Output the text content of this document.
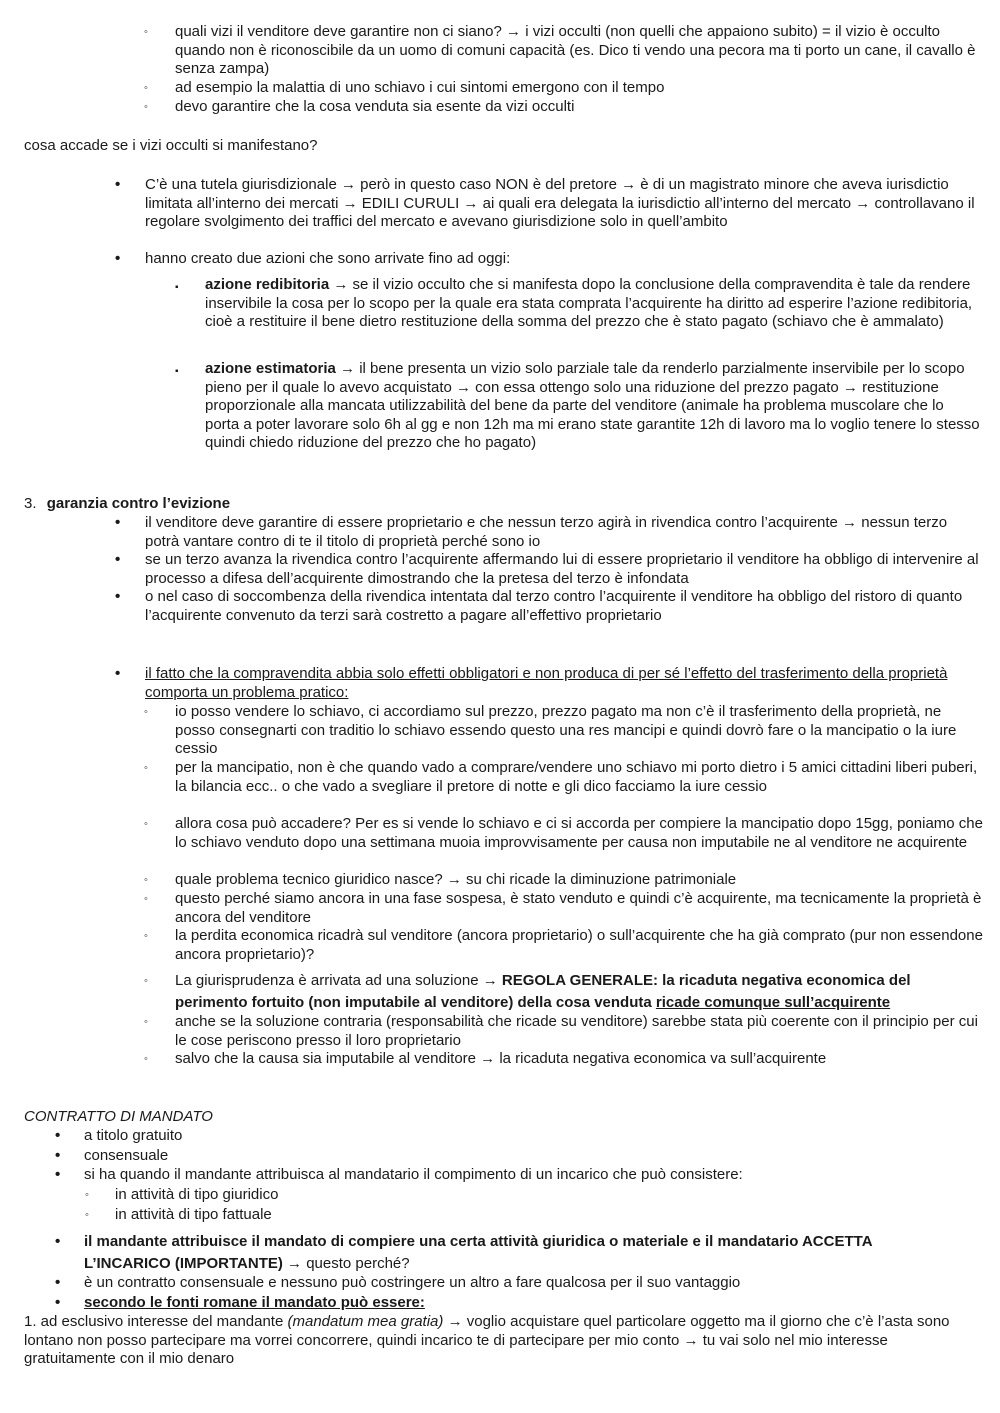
◦ quali vizi il venditore deve garantire non ci siano? → i vizi occulti (non quelli che appaiono subito) = il vizio è occulto quando non è riconoscibile da un uomo di comuni capacità (es. Dico ti vendo una pecora ma ti porto un cane, il cavallo è senza zampa)
◦ ad esempio la malattia di uno schiavo i cui sintomi emergono con il tempo
◦ devo garantire che la cosa venduta sia esente da vizi occulti
cosa accade se i vizi occulti si manifestano?
• C’è una tutela giurisdizionale → però in questo caso NON è del pretore → è di un magistrato minore che aveva iurisdictio limitata all’interno dei mercati → EDILI CURULI → ai quali era delegata la iurisdictio all’interno del mercato → controllavano il regolare svolgimento dei traffici del mercato e avevano giurisdizione solo in quell’ambito
• hanno creato due azioni che sono arrivate fino ad oggi:
▪ azione redibitoria → se il vizio occulto che si manifesta dopo la conclusione della compravendita è tale da rendere inservibile la cosa per lo scopo per la quale era stata comprata l’acquirente ha diritto ad esperire l’azione redibitoria, cioè a restituire il bene dietro restituzione della somma del prezzo che è stato pagato (schiavo che è ammalato)
▪ azione estimatoria → il bene presenta un vizio solo parziale tale da renderlo parzialmente inservibile per lo scopo pieno per il quale lo avevo acquistato → con essa ottengo solo una riduzione del prezzo pagato → restituzione proporzionale alla mancata utilizzabilità del bene da parte del venditore (animale ha problema muscolare che lo porta a poter lavorare solo 6h al gg e non 12h ma mi erano state garantite 12h di lavoro ma lo voglio tenere lo stesso quindi chiedo riduzione del prezzo che ho pagato)
3. garanzia contro l’evizione
• il venditore deve garantire di essere proprietario e che nessun terzo agirà in rivendica contro l’acquirente → nessun terzo potrà vantare contro di te il titolo di proprietà perché sono io
• se un terzo avanza la rivendica contro l’acquirente affermando lui di essere proprietario il venditore ha obbligo di intervenire al processo a difesa dell’acquirente dimostrando che la pretesa del terzo è infondata
• o nel caso di soccombenza della rivendica intentata dal terzo contro l’acquirente il venditore ha obbligo del ristoro di quanto l’acquirente convenuto da terzi sarà costretto a pagare all’effettivo proprietario
• il fatto che la compravendita abbia solo effetti obbligatori e non produca di per sé l’effetto del trasferimento della proprietà comporta un problema pratico:
◦ io posso vendere lo schiavo, ci accordiamo sul prezzo, prezzo pagato ma non c’è il trasferimento della proprietà, ne posso consegnarti con traditio lo schiavo essendo questo una res mancipi e quindi dovrò fare o la mancipatio o la iure cessio
◦ per la mancipatio, non è che quando vado a comprare/vendere uno schiavo mi porto dietro i 5 amici cittadini liberi puberi, la bilancia ecc.. o che vado a svegliare il pretore di notte e gli dico facciamo la iure cessio
◦ allora cosa può accadere? Per es si vende lo schiavo e ci si accorda per compiere la mancipatio dopo 15gg, poniamo che lo schiavo venduto dopo una settimana muoia improvvisamente per causa non imputabile ne al venditore ne acquirente
◦ quale problema tecnico giuridico nasce? → su chi ricade la diminuzione patrimoniale
◦ questo perché siamo ancora in una fase sospesa, è stato venduto e quindi c’è acquirente, ma tecnicamente la proprietà è ancora del venditore
◦ la perdita economica ricadrà sul venditore (ancora proprietario) o sull’acquirente che ha già comprato (pur non essendone ancora proprietario)?
◦ La giurisprudenza è arrivata ad una soluzione → REGOLA GENERALE: la ricaduta negativa economica del perimento fortuito (non imputabile al venditore) della cosa venduta ricade comunque sull’acquirente
◦ anche se la soluzione contraria (responsabilità che ricade su venditore) sarebbe stata più coerente con il principio per cui le cose periscono presso il loro proprietario
◦ salvo che la causa sia imputabile al venditore → la ricaduta negativa economica va sull’acquirente
CONTRATTO DI MANDATO
• a titolo gratuito
• consensuale
• si ha quando il mandante attribuisca al mandatario il compimento di un incarico che può consistere:
◦ in attività di tipo giuridico
◦ in attività di tipo fattuale
• il mandante attribuisce il mandato di compiere una certa attività giuridica o materiale e il mandatario ACCETTA L’INCARICO (IMPORTANTE) → questo perché?
• è un contratto consensuale e nessuno può costringere un altro a fare qualcosa per il suo vantaggio
• secondo le fonti romane il mandato può essere:
1. ad esclusivo interesse del mandante (mandatum mea gratia) → voglio acquistare quel particolare oggetto ma il giorno che c’è l’asta sono lontano non posso partecipare ma vorrei concorrere, quindi incarico te di partecipare per mio conto → tu vai solo nel mio interesse gratuitamente con il mio denaro
